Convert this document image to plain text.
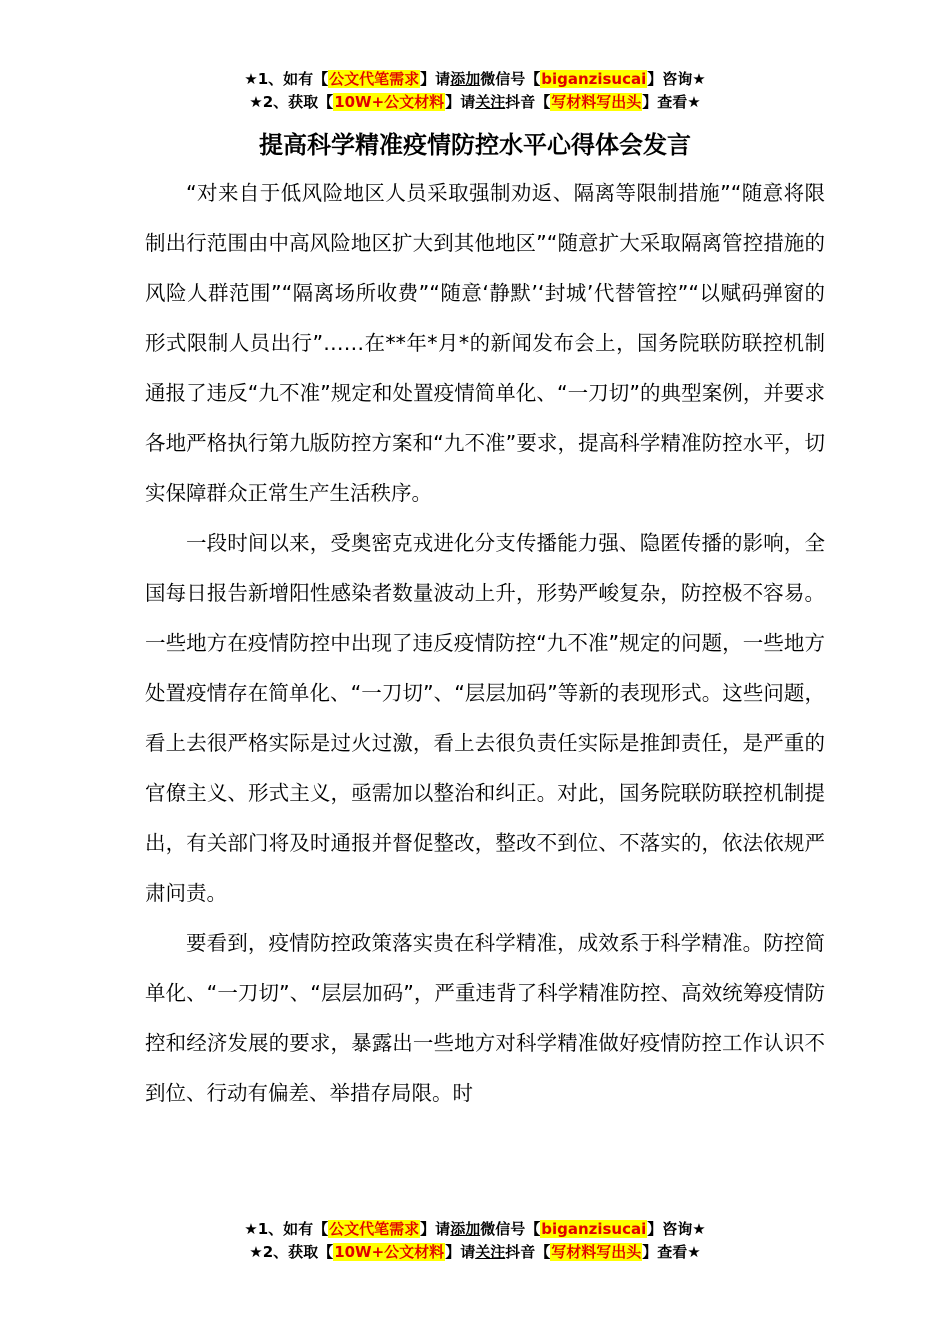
★1、如有【公文代笔需求】请添加微信号【biganzisucai】咨询★
★2、获取【10W+公文材料】请关注抖音【写材料写出头】查看★
提高科学精准疫情防控水平心得体会发言

“对来自于低风险地区人员采取强制劝返、隔离等限制措施”“随意将限制出行范围由中高风险地区扩大到其他地区”“随意扩大采取隔离管控措施的风险人群范围”“隔离场所收费”“随意‘静默’‘封城’代替管控”“以赋码弹窗的形式限制人员出行”……在**年*月*的新闻发布会上，国务院联防联控机制通报了违反“九不准”规定和处置疫情简单化、“一刀切”的典型案例，并要求各地严格执行第九版防控方案和“九不准”要求，提高科学精准防控水平，切实保障群众正常生产生活秩序。

一段时间以来，受奥密克戎进化分支传播能力强、隐匿传播的影响，全国每日报告新增阳性感染者数量波动上升，形势严峻复杂，防控极不容易。一些地方在疫情防控中出现了违反疫情防控“九不准”规定的问题，一些地方处置疫情存在简单化、“一刀切”、“层层加码”等新的表现形式。这些问题，看上去很严格实际是过火过激，看上去很负责任实际是推卸责任，是严重的官僚主义、形式主义，亟需加以整治和纠正。对此，国务院联防联控机制提出，有关部门将及时通报并督促整改，整改不到位、不落实的，依法依规严肃问责。

要看到，疫情防控政策落实贵在科学精准，成效系于科学精准。防控简单化、“一刀切”、“层层加码”，严重违背了科学精准防控、高效统筹疫情防控和经济发展的要求，暴露出一些地方对科学精准做好疫情防控工作认识不到位、行动有偏差、举措存局限。时

★1、如有【公文代笔需求】请添加微信号【biganzisucai】咨询★
★2、获取【10W+公文材料】请关注抖音【写材料写出头】查看★
